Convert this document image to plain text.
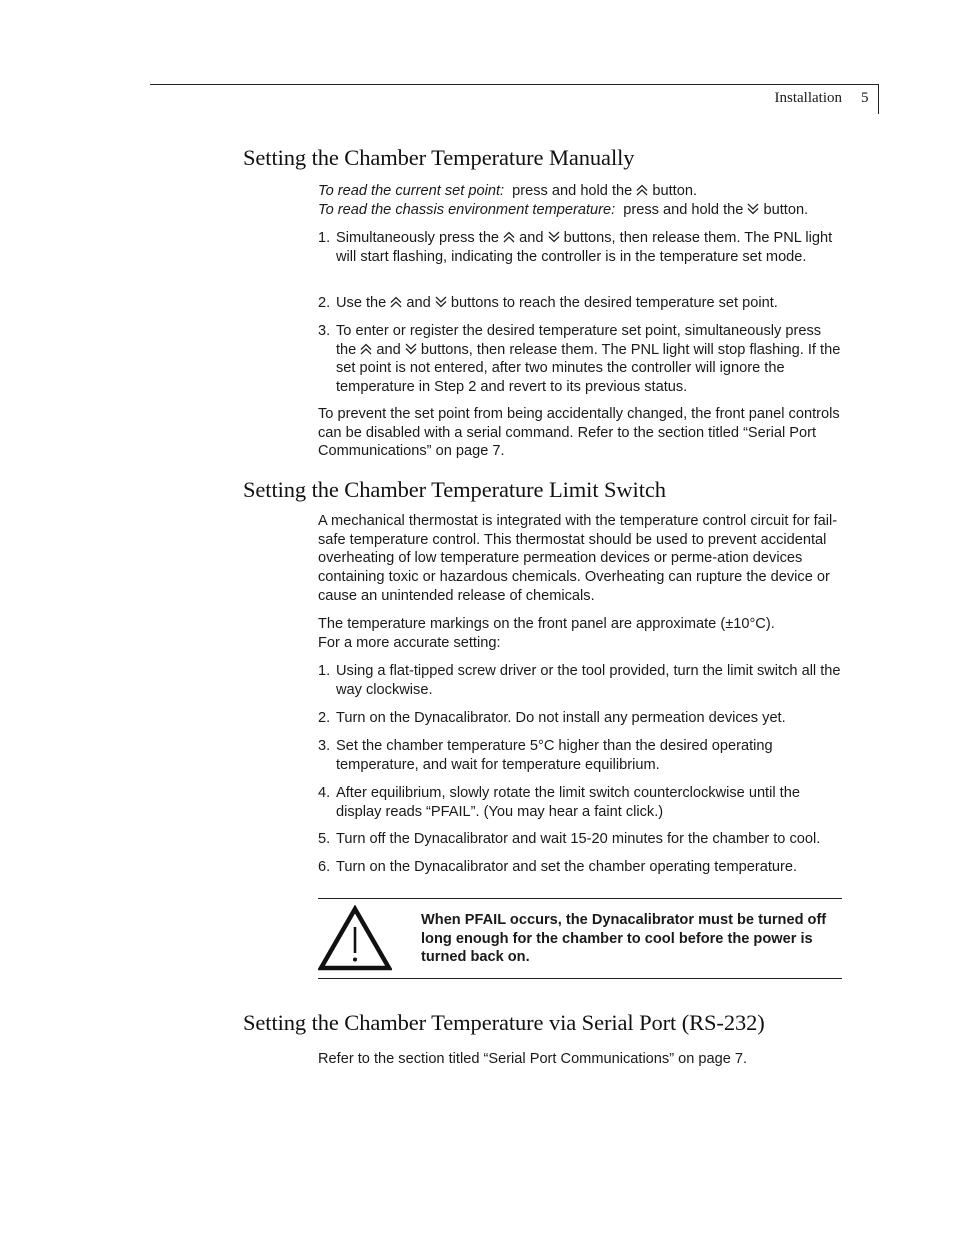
Installation 5
Setting the Chamber Temperature Manually
To read the current set point: press and hold the button.
To read the chassis environment temperature: press and hold the button.
1. Simultaneously press the and buttons, then release them. The PNL light will start flashing, indicating the controller is in the temperature set mode.
2. Use the and buttons to reach the desired temperature set point.
3. To enter or register the desired temperature set point, simultaneously press the and buttons, then release them. The PNL light will stop flashing. If the set point is not entered, after two minutes the controller will ignore the temperature in Step 2 and revert to its previous status.

To prevent the set point from being accidentally changed, the front panel controls can be disabled with a serial command. Refer to the section titled “Serial Port Communications” on page 7.

Setting the Chamber Temperature Limit Switch

A mechanical thermostat is integrated with the temperature control circuit for fail-safe temperature control. This thermostat should be used to prevent accidental overheating of low temperature permeation devices or perme-ation devices containing toxic or hazardous chemicals. Overheating can rupture the device or cause an unintended release of chemicals.

The temperature markings on the front panel are approximate (±10°C).
For a more accurate setting:
1. Using a flat-tipped screw driver or the tool provided, turn the limit switch all the way clockwise.
2. Turn on the Dynacalibrator. Do not install any permeation devices yet.
3. Set the chamber temperature 5°C higher than the desired operating temperature, and wait for temperature equilibrium.
4. After equilibrium, slowly rotate the limit switch counterclockwise until the display reads “PFAIL”. (You may hear a faint click.)
5. Turn off the Dynacalibrator and wait 15-20 minutes for the chamber to cool.
6. Turn on the Dynacalibrator and set the chamber operating temperature.
When PFAIL occurs, the Dynacalibrator must be turned off long enough for the chamber to cool before the power is turned back on.
Setting the Chamber Temperature via Serial Port (RS-232)

Refer to the section titled “Serial Port Communications” on page 7.
